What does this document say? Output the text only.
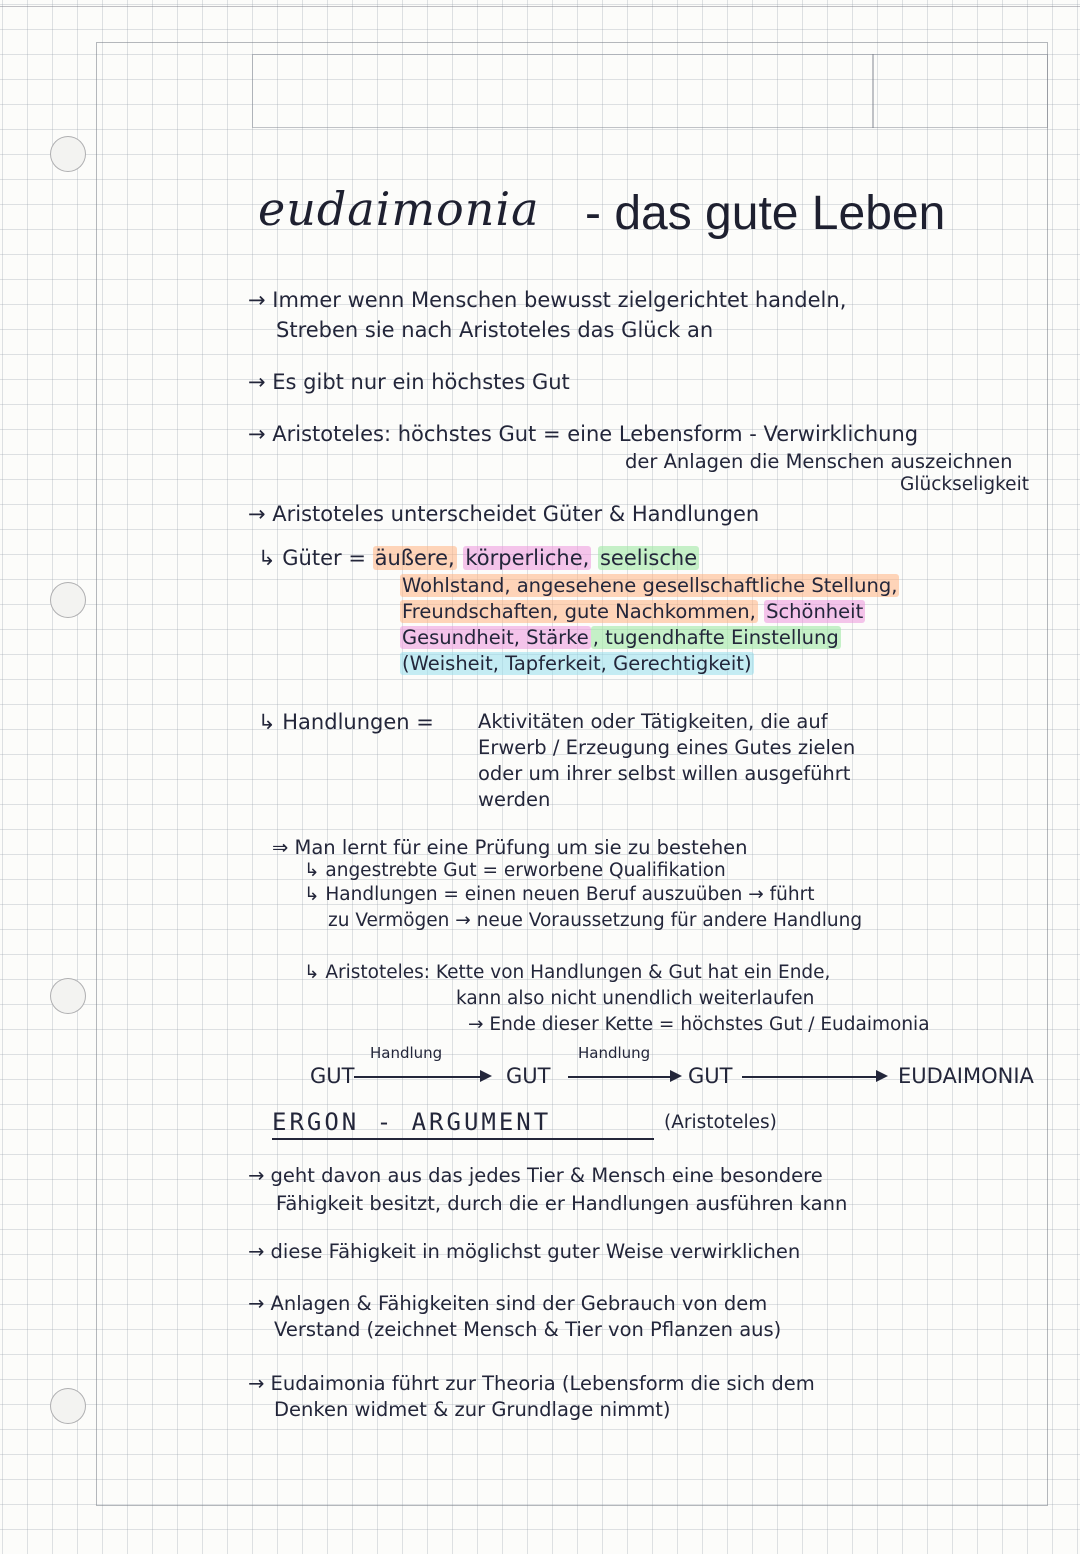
eudaimonia - das gute Leben
→ Immer wenn Menschen bewusst zielgerichtet handeln,
Streben sie nach Aristoteles das Glück an
→ Es gibt nur ein höchstes Gut
→ Aristoteles: höchstes Gut = eine Lebensform - Verwirklichung
der Anlagen die Menschen auszeichnen
Glückseligkeit
→ Aristoteles unterscheidet Güter & Handlungen
↳ Güter = äußere, körperliche, seelische
Wohlstand, angesehene gesellschaftliche Stellung,
Freundschaften, gute Nachkommen, Schönheit
Gesundheit, Stärke , tugendhafte Einstellung
(Weisheit, Tapferkeit, Gerechtigkeit)
↳ Handlungen = Aktivitäten oder Tätigkeiten, die auf
Erwerb / Erzeugung eines Gutes zielen
oder um ihrer selbst willen ausgeführt
werden
⇒ Man lernt für eine Prüfung um sie zu bestehen
↳ angestrebte Gut = erworbene Qualifikation
↳ Handlungen = einen neuen Beruf auszuüben → führt
zu Vermögen → neue Voraussetzung für andere Handlung
↳ Aristoteles: Kette von Handlungen & Gut hat ein Ende,
kann also nicht unendlich weiterlaufen
→ Ende dieser Kette = höchstes Gut / Eudaimonia
GUT
Handlung
GUT
Handlung
GUT	EUDAIMONIA
ERGON - ARGUMENT	(Aristoteles)
→ geht davon aus das jedes Tier & Mensch eine besondere
Fähigkeit besitzt, durch die er Handlungen ausführen kann
→ diese Fähigkeit in möglichst guter Weise verwirklichen
→ Anlagen & Fähigkeiten sind der Gebrauch von dem
Verstand (zeichnet Mensch & Tier von Pflanzen aus)
→ Eudaimonia führt zur Theoria (Lebensform die sich dem
Denken widmet & zur Grundlage nimmt)
